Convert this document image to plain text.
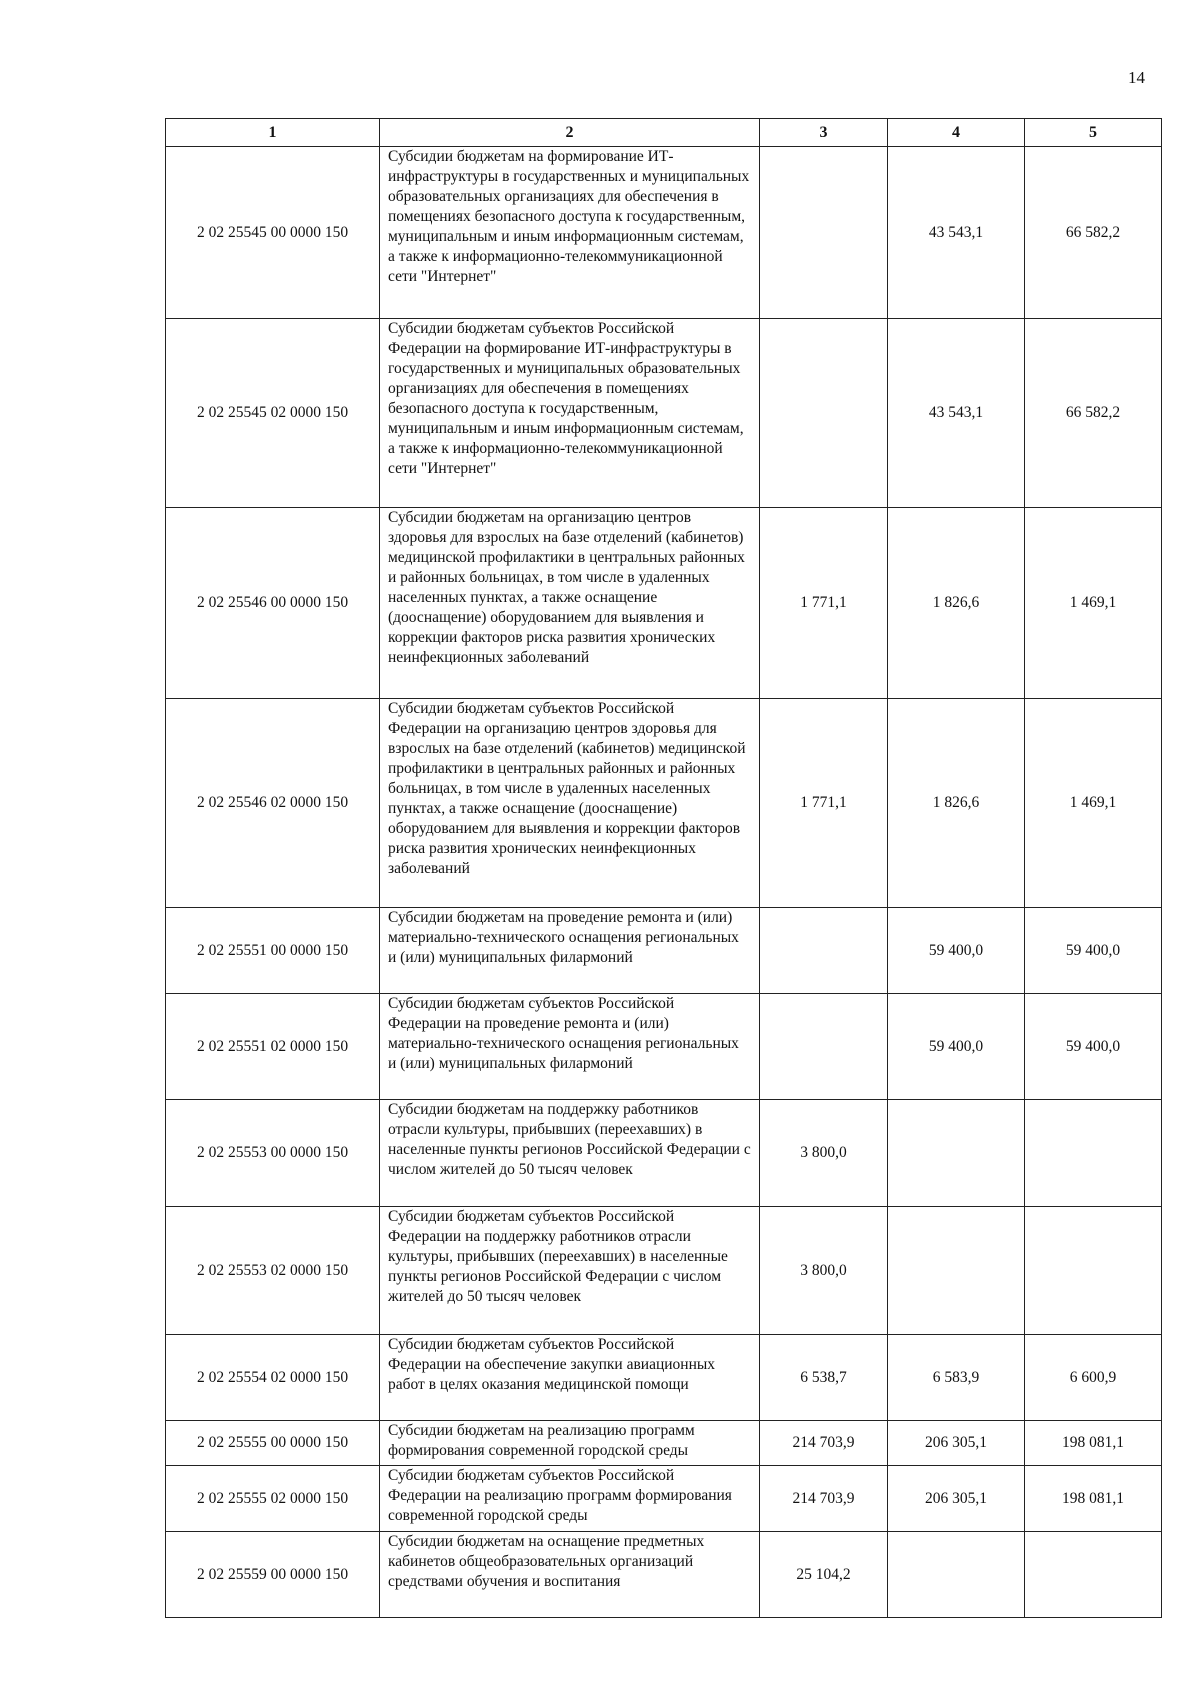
14
1	2	3	4	5
2 02 25545 00 0000 150	Субсидии бюджетам на формирование ИТ-инфраструктуры в государственных и муниципальных образовательных организациях для обеспечения в помещениях безопасного доступа к государственным, муниципальным и иным информационным системам, а также к информационно-телекоммуникационной сети "Интернет"		43 543,1	66 582,2
2 02 25545 02 0000 150	Субсидии бюджетам субъектов Российской Федерации на формирование ИТ-инфраструктуры в государственных и муниципальных образовательных организациях для обеспечения в помещениях безопасного доступа к государственным, муниципальным и иным информационным системам, а также к информационно-телекоммуникационной сети "Интернет"		43 543,1	66 582,2
2 02 25546 00 0000 150	Субсидии бюджетам на организацию центров здоровья для взрослых на базе отделений (кабинетов) медицинской профилактики в центральных районных и районных больницах, в том числе в удаленных населенных пунктах, а также оснащение (дооснащение) оборудованием для выявления и коррекции факторов риска развития хронических неинфекционных заболеваний	1 771,1	1 826,6	1 469,1
2 02 25546 02 0000 150	Субсидии бюджетам субъектов Российской Федерации на организацию центров здоровья для взрослых на базе отделений (кабинетов) медицинской профилактики в центральных районных и районных больницах, в том числе в удаленных населенных пунктах, а также оснащение (дооснащение) оборудованием для выявления и коррекции факторов риска развития хронических неинфекционных заболеваний	1 771,1	1 826,6	1 469,1
2 02 25551 00 0000 150	Субсидии бюджетам на проведение ремонта и (или) материально-технического оснащения региональных и (или) муниципальных филармоний		59 400,0	59 400,0
2 02 25551 02 0000 150	Субсидии бюджетам субъектов Российской Федерации на проведение ремонта и (или) материально-технического оснащения региональных и (или) муниципальных филармоний		59 400,0	59 400,0
2 02 25553 00 0000 150	Субсидии бюджетам на поддержку работников отрасли культуры, прибывших (переехавших) в населенные пункты регионов Российской Федерации с числом жителей до 50 тысяч человек	3 800,0		
2 02 25553 02 0000 150	Субсидии бюджетам субъектов Российской Федерации на поддержку работников отрасли культуры, прибывших (переехавших) в населенные пункты регионов Российской Федерации с числом жителей до 50 тысяч человек	3 800,0		
2 02 25554 02 0000 150	Субсидии бюджетам субъектов Российской Федерации на обеспечение закупки авиационных работ в целях оказания медицинской помощи	6 538,7	6 583,9	6 600,9
2 02 25555 00 0000 150	Субсидии бюджетам на реализацию программ формирования современной городской среды	214 703,9	206 305,1	198 081,1
2 02 25555 02 0000 150	Субсидии бюджетам субъектов Российской Федерации на реализацию программ формирования современной городской среды	214 703,9	206 305,1	198 081,1
2 02 25559 00 0000 150	Субсидии бюджетам на оснащение предметных кабинетов общеобразовательных организаций средствами обучения и воспитания	25 104,2		
